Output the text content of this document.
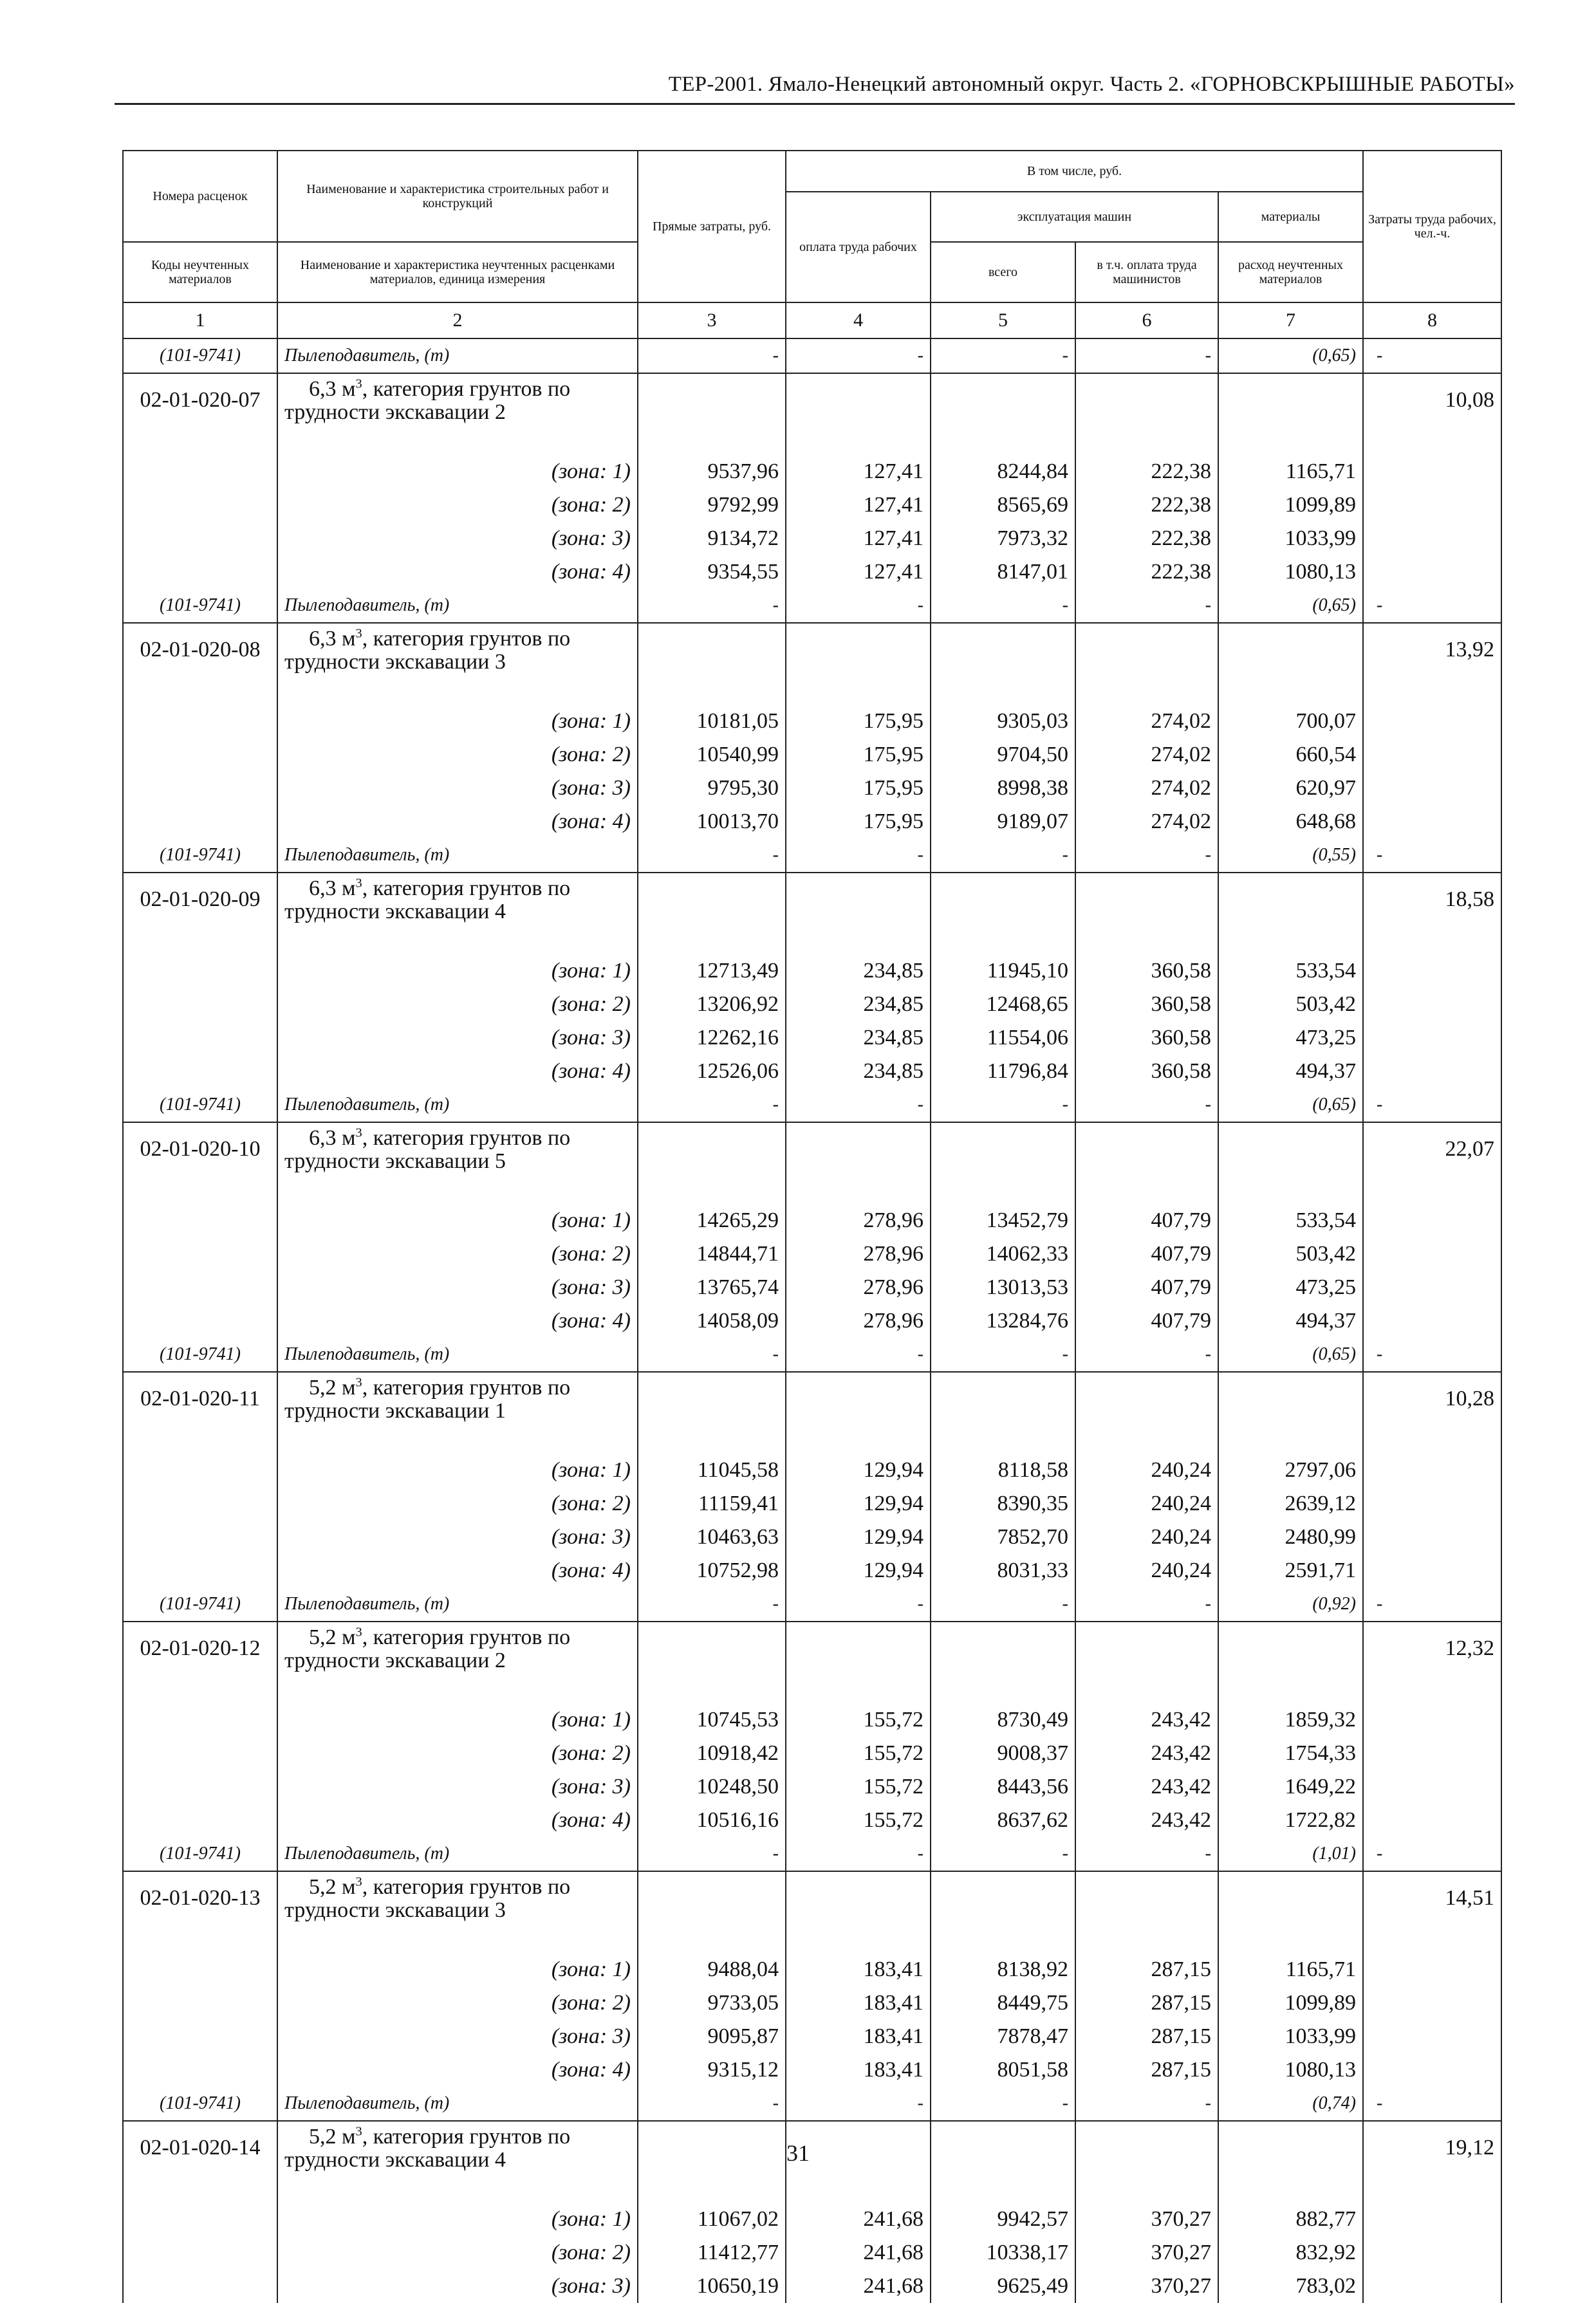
ТЕР-2001. Ямало-Ненецкий автономный округ. Часть 2. «ГОРНОВСКРЫШНЫЕ РАБОТЫ»
Номера расценок	Наименование и характеристика строительных работ и конструкций	Прямые затраты, руб.	В том числе, руб.				Затраты труда рабочих, чел.-ч.
			оплата труда рабочих	эксплуатация машин		материалы	
Коды неучтенных материалов	Наименование и характеристика неучтенных расценками материалов, единица измерения			всего	в т.ч. оплата труда машинистов	расход неучтенных материалов	
1	2	3	4	5	6	7	8
(101-9741)	Пылеподавитель, (т)	-	-	-	-	(0,65)	-
02-01-020-07	6,3 $м^3$, категория грунтов по
трудности экскавации 2						10,08
	(зона: 1)	9537,96	127,41	8244,84	222,38	1165,71	
	(зона: 2)	9792,99	127,41	8565,69	222,38	1099,89	
	(зона: 3)	9134,72	127,41	7973,32	222,38	1033,99	
	(зона: 4)	9354,55	127,41	8147,01	222,38	1080,13	
(101-9741)	Пылеподавитель, (т)	-	-	-	-	(0,65)	-
02-01-020-08	6,3 $м^3$, категория грунтов по
трудности экскавации 3						13,92
	(зона: 1)	10181,05	175,95	9305,03	274,02	700,07	
	(зона: 2)	10540,99	175,95	9704,50	274,02	660,54	
	(зона: 3)	9795,30	175,95	8998,38	274,02	620,97	
	(зона: 4)	10013,70	175,95	9189,07	274,02	648,68	
(101-9741)	Пылеподавитель, (т)	-	-	-	-	(0,55)	-
02-01-020-09	6,3 $м^3$, категория грунтов по
трудности экскавации 4						18,58
	(зона: 1)	12713,49	234,85	11945,10	360,58	533,54	
	(зона: 2)	13206,92	234,85	12468,65	360,58	503,42	
	(зона: 3)	12262,16	234,85	11554,06	360,58	473,25	
	(зона: 4)	12526,06	234,85	11796,84	360,58	494,37	
(101-9741)	Пылеподавитель, (т)	-	-	-	-	(0,65)	-
02-01-020-10	6,3 $м^3$, категория грунтов по
трудности экскавации 5						22,07
	(зона: 1)	14265,29	278,96	13452,79	407,79	533,54	
	(зона: 2)	14844,71	278,96	14062,33	407,79	503,42	
	(зона: 3)	13765,74	278,96	13013,53	407,79	473,25	
	(зона: 4)	14058,09	278,96	13284,76	407,79	494,37	
(101-9741)	Пылеподавитель, (т)	-	-	-	-	(0,65)	-
02-01-020-11	5,2 $м^3$, категория грунтов по
трудности экскавации 1						10,28
	(зона: 1)	11045,58	129,94	8118,58	240,24	2797,06	
	(зона: 2)	11159,41	129,94	8390,35	240,24	2639,12	
	(зона: 3)	10463,63	129,94	7852,70	240,24	2480,99	
	(зона: 4)	10752,98	129,94	8031,33	240,24	2591,71	
(101-9741)	Пылеподавитель, (т)	-	-	-	-	(0,92)	-
02-01-020-12	5,2 $м^3$, категория грунтов по
трудности экскавации 2						12,32
	(зона: 1)	10745,53	155,72	8730,49	243,42	1859,32	
	(зона: 2)	10918,42	155,72	9008,37	243,42	1754,33	
	(зона: 3)	10248,50	155,72	8443,56	243,42	1649,22	
	(зона: 4)	10516,16	155,72	8637,62	243,42	1722,82	
(101-9741)	Пылеподавитель, (т)	-	-	-	-	(1,01)	-
02-01-020-13	5,2 $м^3$, категория грунтов по
трудности экскавации 3						14,51
	(зона: 1)	9488,04	183,41	8138,92	287,15	1165,71	
	(зона: 2)	9733,05	183,41	8449,75	287,15	1099,89	
	(зона: 3)	9095,87	183,41	7878,47	287,15	1033,99	
	(зона: 4)	9315,12	183,41	8051,58	287,15	1080,13	
(101-9741)	Пылеподавитель, (т)	-	-	-	-	(0,74)	-
02-01-020-14	5,2 $м^3$, категория грунтов по
трудности экскавации 4						19,12
	(зона: 1)	11067,02	241,68	9942,57	370,27	882,77	
	(зона: 2)	11412,77	241,68	10338,17	370,27	832,92	
	(зона: 3)	10650,19	241,68	9625,49	370,27	783,02	
31
